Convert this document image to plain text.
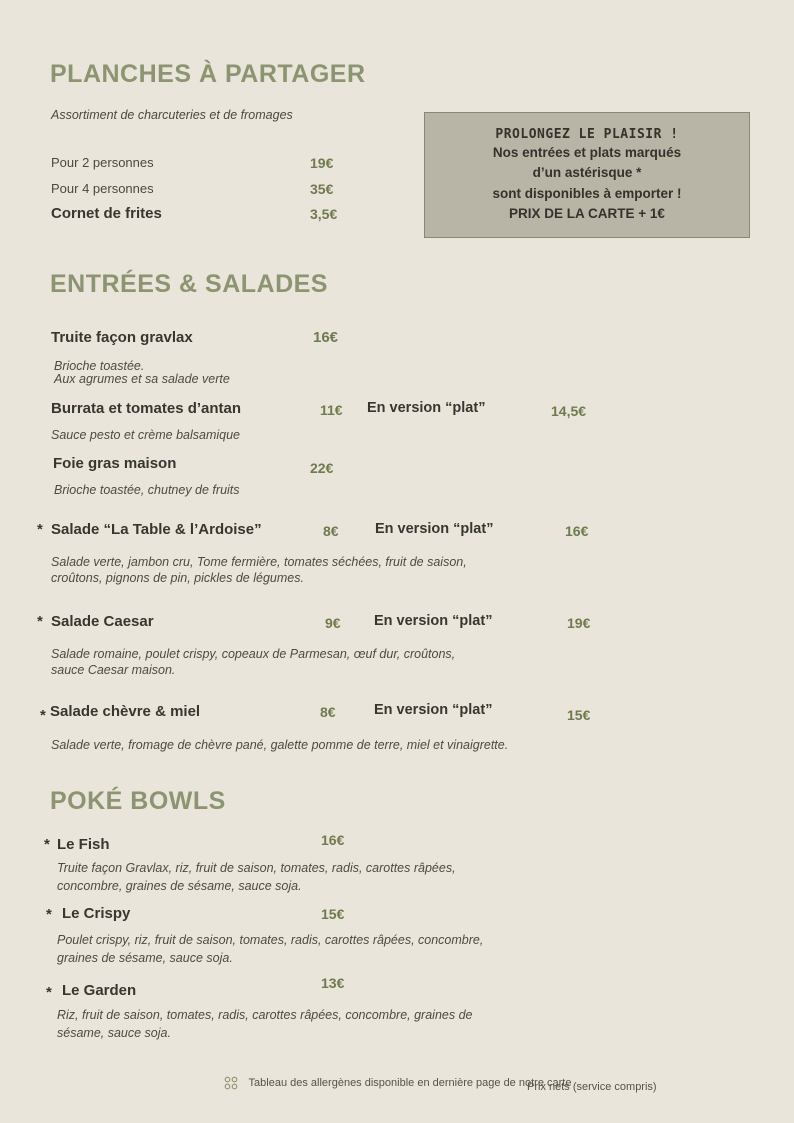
PLANCHES À PARTAGER
Assortiment de charcuteries et de fromages
Pour 2 personnes	19€
Pour 4 personnes	35€
Cornet de frites	3,5€
PROLONGEZ LE PLAISIR !
Nos entrées et plats marqués
d’un astérisque *
sont disponibles à emporter !
PRIX DE LA CARTE + 1€
ENTRÉES & SALADES
Truite façon gravlax	16€
Brioche toastée.
Aux agrumes et sa salade verte
Burrata et tomates d’antan	11€ En version “plat”	14,5€
Sauce pesto et crème balsamique
Foie gras maison	22€
Brioche toastée, chutney de fruits
* Salade “La Table & l’Ardoise”	8€	En version “plat”	16€
Salade verte, jambon cru, Tome fermière, tomates séchées, fruit de saison,
croûtons, pignons de pin, pickles de légumes.
* Salade Caesar	9€ En version “plat”	19€
Salade romaine, poulet crispy, copeaux de Parmesan, œuf dur, croûtons,
sauce Caesar maison.
* Salade chèvre & miel	8€	En version “plat”	15€
Salade verte, fromage de chèvre pané, galette pomme de terre, miel et vinaigrette.
POKÉ BOWLS
* Le Fish	16€
Truite façon Gravlax, riz, fruit de saison, tomates, radis, carottes râpées,
concombre, graines de sésame, sauce soja.
* Le Crispy	15€
Poulet crispy, riz, fruit de saison, tomates, radis, carottes râpées, concombre,
graines de sésame, sauce soja.
* Le Garden	13€
Riz, fruit de saison, tomates, radis, carottes râpées, concombre, graines de
sésame, sauce soja.
Tableau des allergènes disponible en dernière page de notre carte
Prix nets (service compris)
